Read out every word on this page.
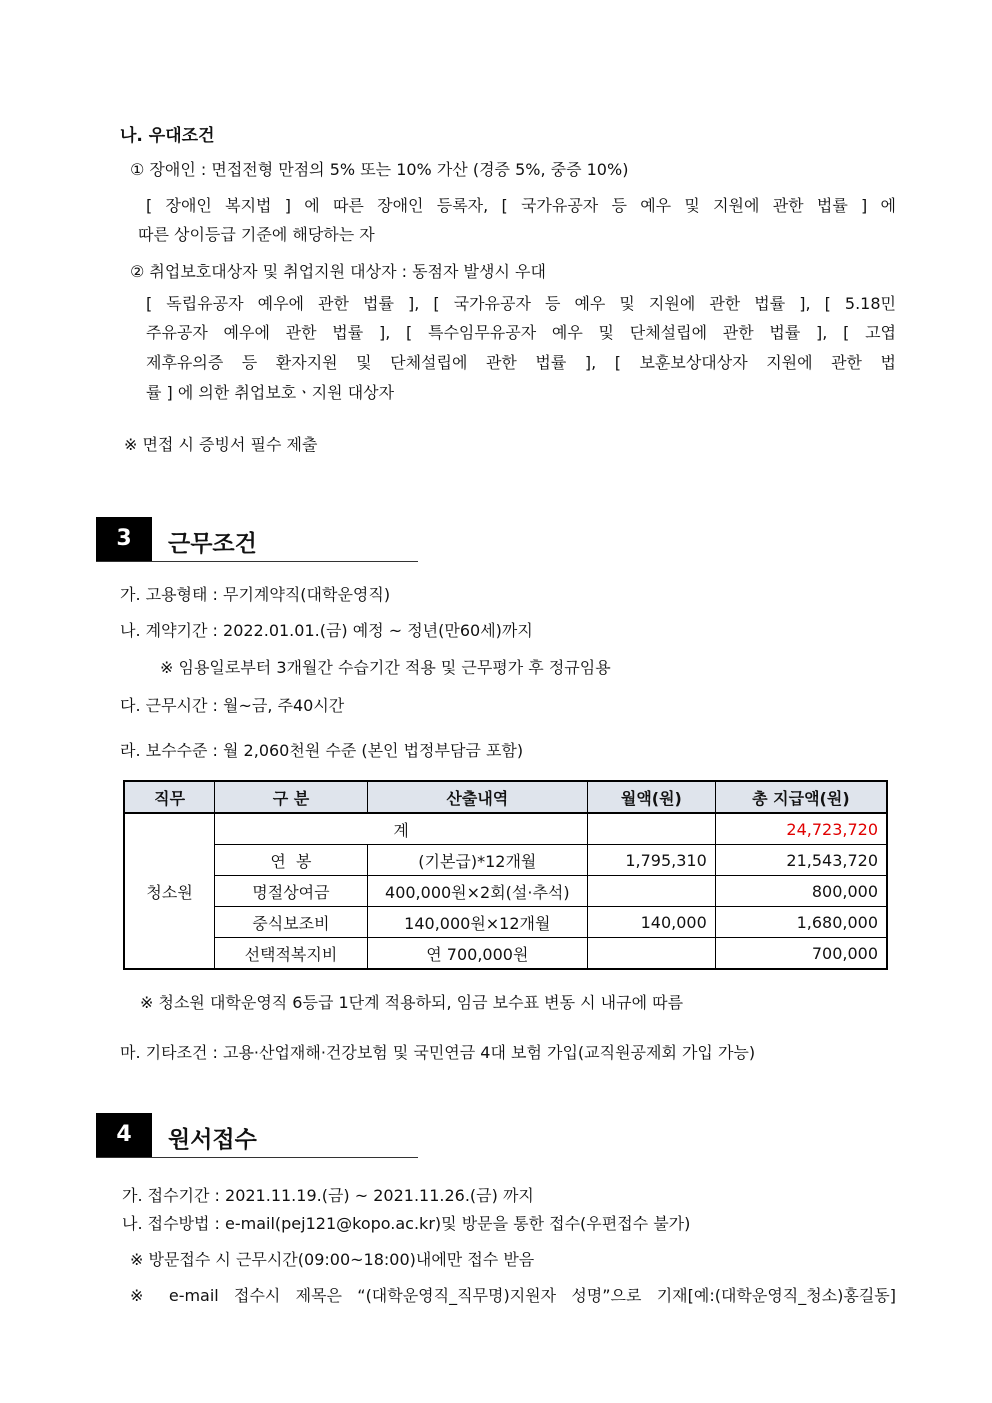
나. 우대조건
① 장애인 : 면접전형 만점의 5% 또는 10% 가산 (경증 5%, 중증 10%)
[ 장애인 복지법 ] 에 따른 장애인 등록자, [ 국가유공자 등 예우 및 지원에 관한 법률 ] 에
따른 상이등급 기준에 해당하는 자
② 취업보호대상자 및 취업지원 대상자 : 동점자 발생시 우대
[ 독립유공자 예우에 관한 법률 ], [ 국가유공자 등 예우 및 지원에 관한 법률 ], [ 5.18민
주유공자 예우에 관한 법률 ], [ 특수임무유공자 예우 및 단체설립에 관한 법률 ], [ 고엽
제후유의증 등 환자지원 및 단체설립에 관한 법률 ], [ 보훈보상대상자 지원에 관한 법
률 ] 에 의한 취업보호ㆍ지원 대상자
※ 면접 시 증빙서 필수 제출
3	근무조건
가. 고용형태 : 무기계약직(대학운영직)
나. 계약기간 : 2022.01.01.(금) 예정 ~ 정년(만60세)까지
※ 임용일로부터 3개월간 수습기간 적용 및 근무평가 후 정규임용
다. 근무시간 : 월~금, 주40시간
라. 보수수준 : 월 2,060천원 수준 (본인 법정부담금 포함)
직무	구 분	산출내역	월액(원)	총 지급액(원)
청소원	계			24,723,720
	연  봉	(기본급)*12개월	1,795,310	21,543,720
	명절상여금	400,000원×2회(설·추석)		800,000
	중식보조비	140,000원×12개월	140,000	1,680,000
	선택적복지비	연 700,000원		700,000
※ 청소원 대학운영직 6등급 1단계 적용하되, 임금 보수표 변동 시 내규에 따름
마. 기타조건 : 고용·산업재해·건강보험 및 국민연금 4대 보험 가입(교직원공제회 가입 가능)
4	원서접수
가. 접수기간 : 2021.11.19.(금) ~ 2021.11.26.(금) 까지
나. 접수방법 : e-mail(pej121@kopo.ac.kr)및 방문을 통한 접수(우편접수 불가)
※ 방문접수 시 근무시간(09:00~18:00)내에만 접수 받음
※ e-mail 접수시 제목은 “(대학운영직_직무명)지원자 성명”으로 기재[예:(대학운영직_청소)홍길동]
